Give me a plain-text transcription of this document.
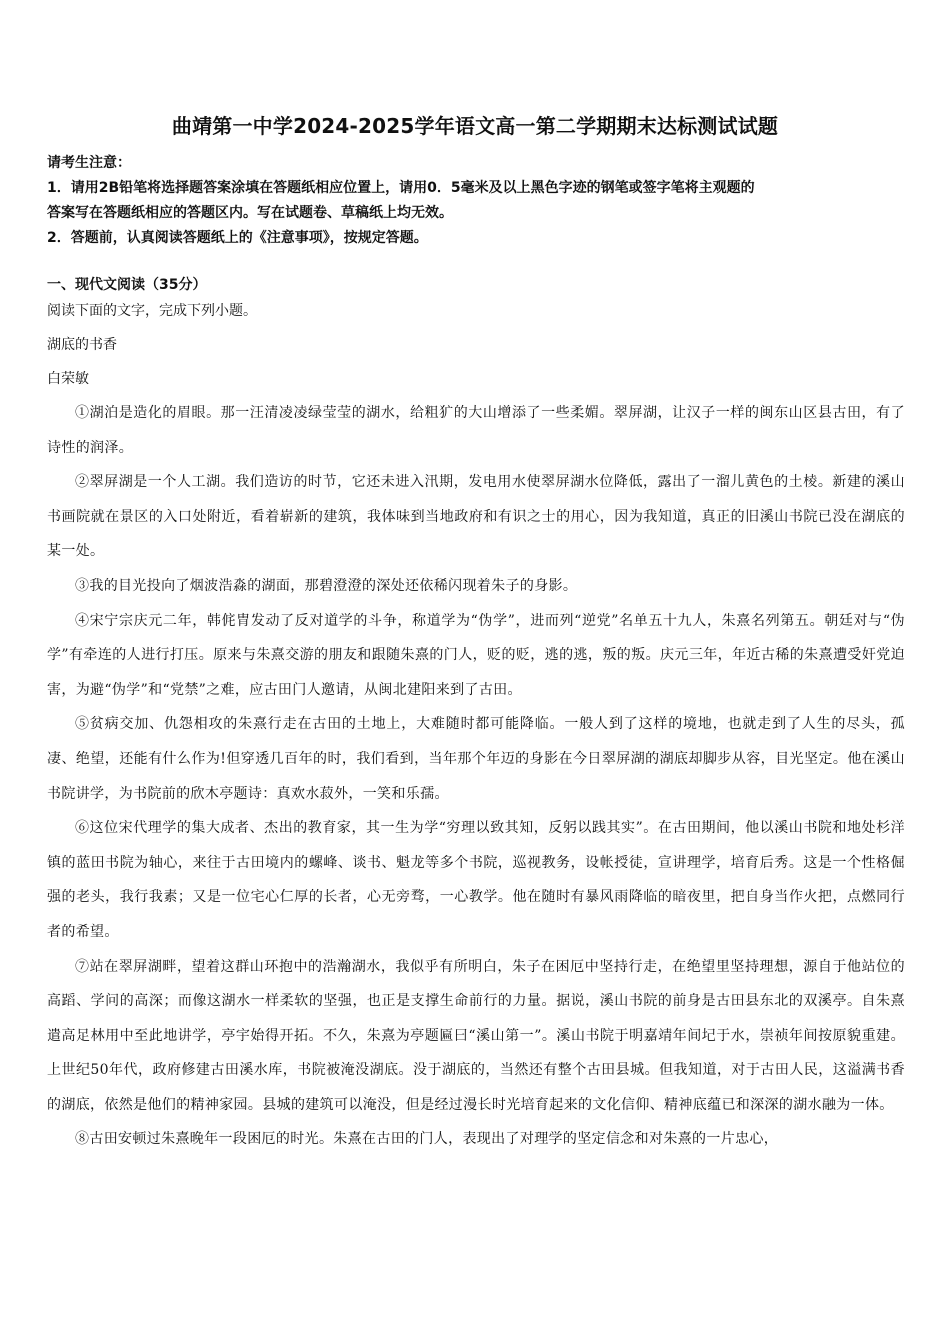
曲靖第一中学2024-2025学年语文高一第二学期期末达标测试试题
请考生注意：
1．请用2B铅笔将选择题答案涂填在答题纸相应位置上，请用0．5毫米及以上黑色字迹的钢笔或签字笔将主观题的
答案写在答题纸相应的答题区内。写在试题卷、草稿纸上均无效。
2．答题前，认真阅读答题纸上的《注意事项》，按规定答题。
一、现代文阅读（35分）
阅读下面的文字，完成下列小题。
湖底的书香
白荣敏

①湖泊是造化的眉眼。那一汪清凌凌绿莹莹的湖水，给粗犷的大山增添了一些柔媚。翠屏湖，让汉子一样的闽东山区县古田，有了诗性的润泽。

②翠屏湖是一个人工湖。我们造访的时节，它还未进入汛期，发电用水使翠屏湖水位降低，露出了一溜儿黄色的土棱。新建的溪山书画院就在景区的入口处附近，看着崭新的建筑，我体味到当地政府和有识之士的用心，因为我知道，真正的旧溪山书院已没在湖底的某一处。

③我的目光投向了烟波浩淼的湖面，那碧澄澄的深处还依稀闪现着朱子的身影。

④宋宁宗庆元二年，韩侂胄发动了反对道学的斗争，称道学为“伪学”，进而列“逆党”名单五十九人，朱熹名列第五。朝廷对与“伪学”有牵连的人进行打压。原来与朱熹交游的朋友和跟随朱熹的门人，贬的贬，逃的逃，叛的叛。庆元三年，年近古稀的朱熹遭受奸党迫害，为避“伪学”和“党禁”之难，应古田门人邀请，从闽北建阳来到了古田。

⑤贫病交加、仇怨相攻的朱熹行走在古田的土地上，大难随时都可能降临。一般人到了这样的境地，也就走到了人生的尽头，孤凄、绝望，还能有什么作为!但穿透几百年的时，我们看到，当年那个年迈的身影在今日翠屏湖的湖底却脚步从容，目光坚定。他在溪山书院讲学，为书院前的欣木亭题诗：真欢水菽外，一笑和乐孺。

⑥这位宋代理学的集大成者、杰出的教育家，其一生为学“穷理以致其知，反躬以践其实”。在古田期间，他以溪山书院和地处杉洋镇的蓝田书院为轴心，来往于古田境内的螺峰、谈书、魁龙等多个书院，巡视教务，设帐授徒，宣讲理学，培育后秀。这是一个性格倔强的老头，我行我素；又是一位宅心仁厚的长者，心无旁骛，一心教学。他在随时有暴风雨降临的暗夜里，把自身当作火把，点燃同行者的希望。

⑦站在翠屏湖畔，望着这群山环抱中的浩瀚湖水，我似乎有所明白，朱子在困厄中坚持行走，在绝望里坚持理想，源自于他站位的高蹈、学问的高深；而像这湖水一样柔软的坚强，也正是支撑生命前行的力量。据说，溪山书院的前身是古田县东北的双溪亭。自朱熹遣高足林用中至此地讲学，亭宇始得开拓。不久，朱熹为亭题匾曰“溪山第一”。溪山书院于明嘉靖年间圮于水，崇祯年间按原貌重建。上世纪50年代，政府修建古田溪水库，书院被淹没湖底。没于湖底的，当然还有整个古田县城。但我知道，对于古田人民，这溢满书香的湖底，依然是他们的精神家园。县城的建筑可以淹没，但是经过漫长时光培育起来的文化信仰、精神底蕴已和深深的湖水融为一体。

⑧古田安顿过朱熹晚年一段困厄的时光。朱熹在古田的门人，表现出了对理学的坚定信念和对朱熹的一片忠心，
